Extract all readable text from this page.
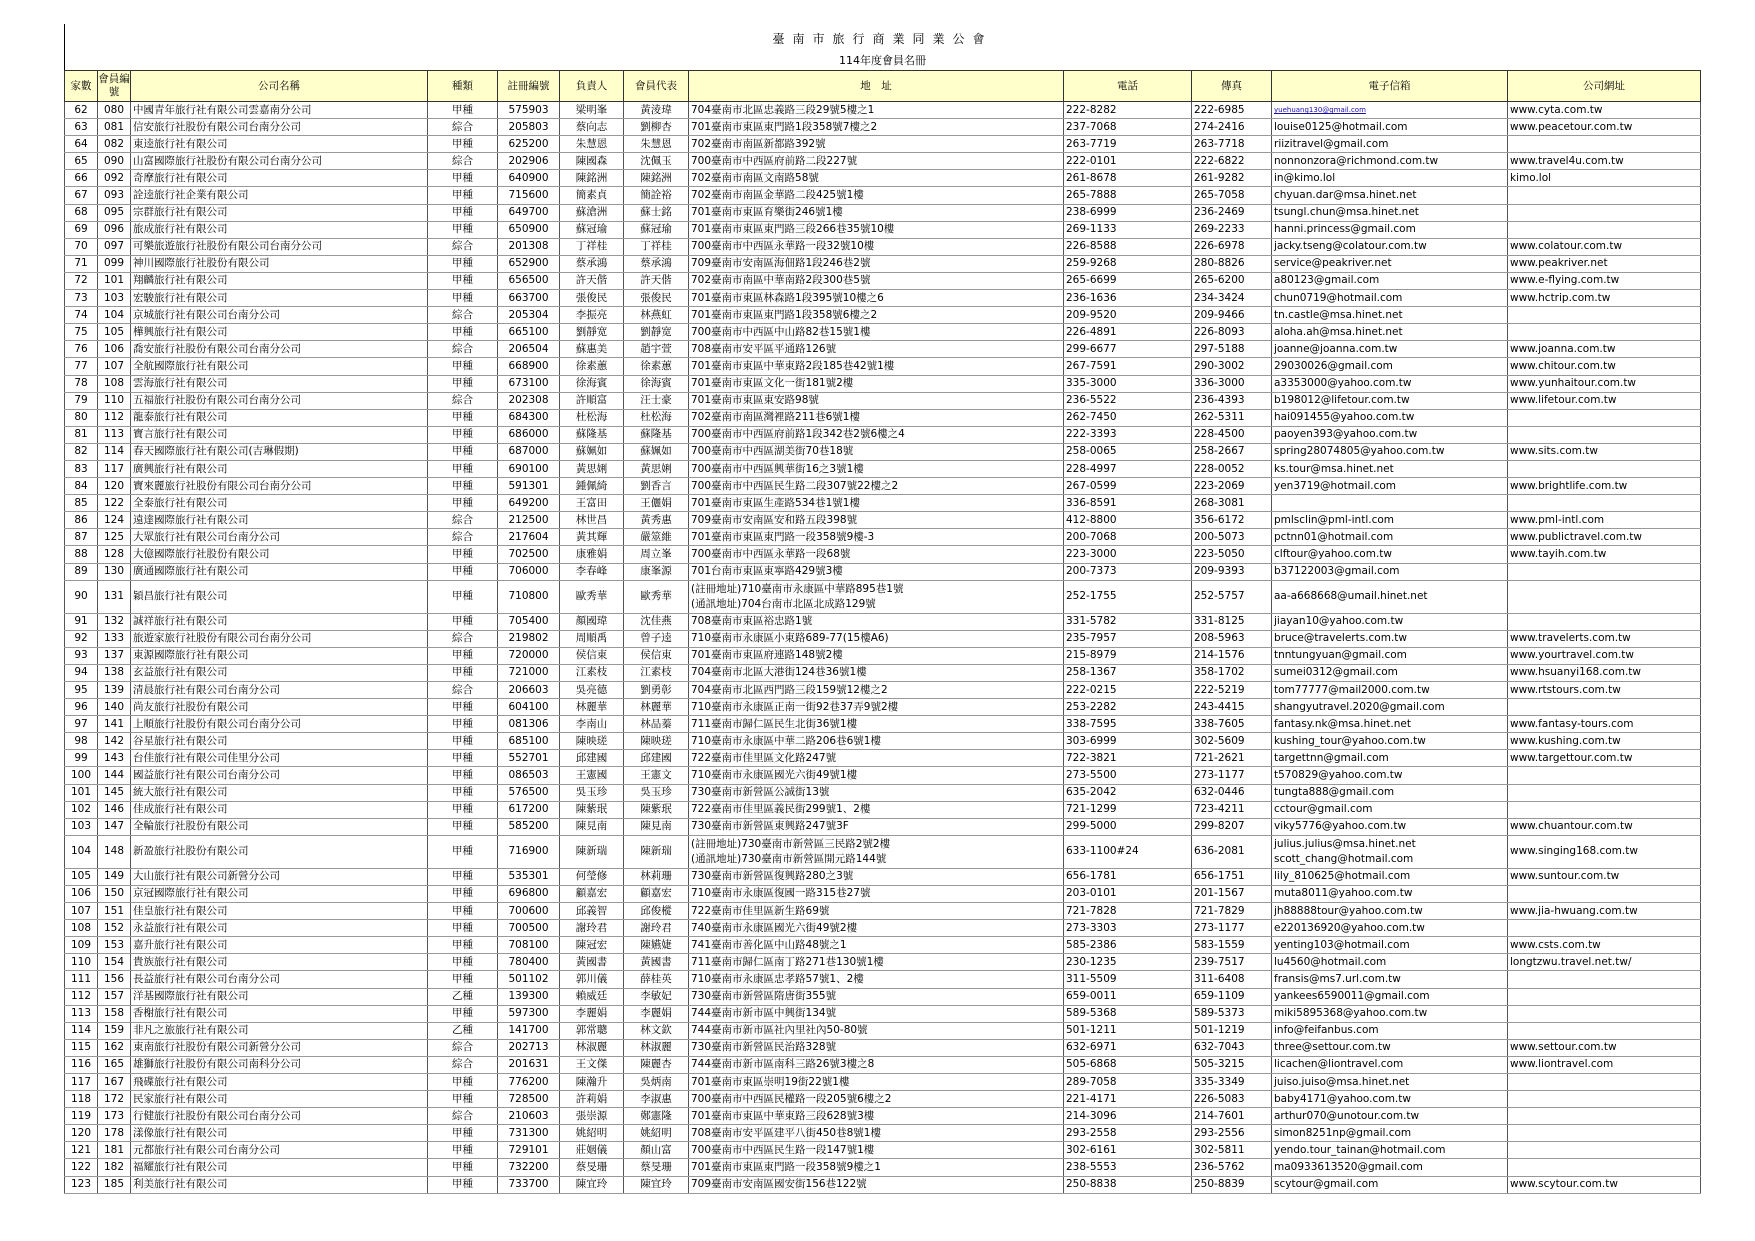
臺南市旅行商業同業公會
114年度會員名冊
家數	會員編號	公司名稱	種類	註冊編號	負責人	會員代表	地　址	電話	傳真	電子信箱	公司網址
62	080	中國青年旅行社有限公司雲嘉南分公司	甲種	575903	梁明峯	黃淩瑋	704臺南市北區忠義路三段29號5樓之1	222-8282	222-6985	yuehuang130@gmail.com	www.cyta.com.tw
63	081	信安旅行社股份有限公司台南分公司	綜合	205803	蔡向志	劉柳杏	701臺南市東區東門路1段358號7樓之2	237-7068	274-2416	louise0125@hotmail.com	www.peacetour.com.tw
64	082	東逵旅行社有限公司	甲種	625200	朱慧恩	朱慧恩	702臺南市南區新都路392號	263-7719	263-7718	riizitravel@gmail.com	
65	090	山富國際旅行社股份有限公司台南分公司	綜合	202906	陳國森	沈佩玉	700臺南市中西區府前路二段227號	222-0101	222-6822	nonnonzora@richmond.com.tw	www.travel4u.com.tw
66	092	奇摩旅行社有限公司	甲種	640900	陳銘洲	陳銘洲	702臺南市南區文南路58號	261-8678	261-9282	in@kimo.lol	kimo.lol
67	093	詮逵旅行社企業有限公司	甲種	715600	簡素貞	簡詮裕	702臺南市南區金華路二段425號1樓	265-7888	265-7058	chyuan.dar@msa.hinet.net	
68	095	宗群旅行社有限公司	甲種	649700	蘇滄洲	蘇士銘	701臺南市東區育樂街246號1樓	238-6999	236-2469	tsungl.chun@msa.hinet.net	
69	096	旅成旅行社有限公司	甲種	650900	蘇冠瑜	蘇冠瑜	701臺南市東區東門路三段266巷35號10樓	269-1133	269-2233	hanni.princess@gmail.com	
70	097	可樂旅遊旅行社股份有限公司台南分公司	綜合	201308	丁祥桂	丁祥桂	700臺南市中西區永華路一段32號10樓	226-8588	226-6978	jacky.tseng@colatour.com.tw	www.colatour.com.tw
71	099	神川國際旅行社股份有限公司	甲種	652900	蔡承鴻	蔡承鴻	709臺南市安南區海佃路1段246巷2號	259-9268	280-8826	service@peakriver.net	www.peakriver.net
72	101	翔麟旅行社有限公司	甲種	656500	許天偕	許天偕	702臺南市南區中華南路2段300巷5號	265-6699	265-6200	a80123@gmail.com	www.e-flying.com.tw
73	103	宏駿旅行社有限公司	甲種	663700	張俊民	張俊民	701臺南市東區林森路1段395號10樓之6	236-1636	234-3424	chun0719@hotmail.com	www.hctrip.com.tw
74	104	京城旅行社有限公司台南分公司	綜合	205304	李振亮	林燕虹	701臺南市東區東門路1段358號6樓之2	209-9520	209-9466	tn.castle@msa.hinet.net	
75	105	樺興旅行社有限公司	甲種	665100	劉靜宽	劉靜宽	700臺南市中西區中山路82巷15號1樓	226-4891	226-8093	aloha.ah@msa.hinet.net	
76	106	喬安旅行社股份有限公司台南分公司	綜合	206504	蘇惠美	趙宇萱	708臺南市安平區平通路126號	299-6677	297-5188	joanne@joanna.com.tw	www.joanna.com.tw
77	107	全航國際旅行社有限公司	甲種	668900	徐素蕙	徐素蕙	701臺南市東區中華東路2段185巷42號1樓	267-7591	290-3002	29030026@gmail.com	www.chitour.com.tw
78	108	雲海旅行社有限公司	甲種	673100	徐海賓	徐海賓	701臺南市東區文化一街181號2樓	335-3000	336-3000	a3353000@yahoo.com.tw	www.yunhaitour.com.tw
79	110	五福旅行社股份有限公司台南分公司	綜合	202308	許順富	汪士豪	701臺南市東區東安路98號	236-5522	236-4393	b198012@lifetour.com.tw	www.lifetour.com.tw
80	112	龍泰旅行社有限公司	甲種	684300	杜松海	杜松海	702臺南市南區灣裡路211巷6號1樓	262-7450	262-5311	hai091455@yahoo.com.tw	
81	113	寶言旅行社有限公司	甲種	686000	蘇隆基	蘇隆基	700臺南市中西區府前路1段342巷2號6樓之4	222-3393	228-4500	paoyen393@yahoo.com.tw	
82	114	春天國際旅行社有限公司(吉琳假期)	甲種	687000	蘇姵如	蘇姵如	700臺南市中西區湖美街70巷18號	258-0065	258-2667	spring28074805@yahoo.com.tw	www.sits.com.tw
83	117	廣興旅行社有限公司	甲種	690100	黃思娳	黃思娳	700臺南市中西區興華街16之3號1樓	228-4997	228-0052	ks.tour@msa.hinet.net	
84	120	寶來麗旅行社股份有限公司台南分公司	甲種	591301	鍾佩綺	劉香言	700臺南市中西區民生路二段307號22樓之2	267-0599	223-2069	yen3719@hotmail.com	www.brightlife.com.tw
85	122	全泰旅行社有限公司	甲種	649200	王富田	王儷娟	701臺南市東區生產路534巷1號1樓	336-8591	268-3081		
86	124	遠達國際旅行社有限公司	綜合	212500	林世昌	黃秀惠	709臺南市安南區安和路五段398號	412-8800	356-6172	pmlsclin@pml-intl.com	www.pml-intl.com
87	125	大眾旅行社有限公司台南分公司	綜合	217604	黃其輝	嚴筮維	701臺南市東區東門路一段358號9樓-3	200-7068	200-5073	pctnn01@hotmail.com	www.publictravel.com.tw
88	128	大億國際旅行社股份有限公司	甲種	702500	康雅娟	周立峯	700臺南市中西區永華路一段68號	223-3000	223-5050	clftour@yahoo.com.tw	www.tayih.com.tw
89	130	廣通國際旅行社有限公司	甲種	706000	李春峰	康峯源	701台南市東區東寧路429號3樓	200-7373	209-9393	b37122003@gmail.com	
90	131	穎昌旅行社有限公司	甲種	710800	歐秀華	歐秀華	(註冊地址)710臺南市永康區中華路895巷1號
(通訊地址)704台南市北區北成路129號	252-1755	252-5757	aa-a668668@umail.hinet.net	
91	132	誠祥旅行社有限公司	甲種	705400	顏國瑋	沈佳燕	708臺南市東區裕忠路1號	331-5782	331-8125	jiayan10@yahoo.com.tw	
92	133	旅遊家旅行社股份有限公司台南分公司	綜合	219802	周順禹	曾子逵	710臺南市永康區小東路689-77(15樓A6)	235-7957	208-5963	bruce@travelerts.com.tw	www.travelerts.com.tw
93	137	東源國際旅行社有限公司	甲種	720000	侯信東	侯信東	701臺南市東區府連路148號2樓	215-8979	214-1576	tnntungyuan@gmail.com	www.yourtravel.com.tw
94	138	玄益旅行社有限公司	甲種	721000	江素枝	江素枝	704臺南市北區大港街124巷36號1樓	258-1367	358-1702	sumei0312@gmail.com	www.hsuanyi168.com.tw
95	139	清晨旅行社有限公司台南分公司	綜合	206603	吳亮德	劉勇彰	704臺南市北區西門路三段159號12樓之2	222-0215	222-5219	tom77777@mail2000.com.tw	www.rtstours.com.tw
96	140	尚友旅行社股份有限公司	甲種	604100	林麗華	林麗華	710臺南市永康區正南一街92巷37弄9號2樓	253-2282	243-4415	shangyutravel.2020@gmail.com	
97	141	上順旅行社股份有限公司台南分公司	甲種	081306	李南山	林品蓁	711臺南市歸仁區民生北街36號1樓	338-7595	338-7605	fantasy.nk@msa.hinet.net	www.fantasy-tours.com
98	142	谷星旅行社有限公司	甲種	685100	陳映瑳	陳映瑳	710臺南市永康區中華二路206巷6號1樓	303-6999	302-5609	kushing_tour@yahoo.com.tw	www.kushing.com.tw
99	143	台佳旅行社有限公司佳里分公司	甲種	552701	邱建國	邱建國	722臺南市佳里區文化路247號	722-3821	721-2621	targettnn@gmail.com	www.targettour.com.tw
100	144	國益旅行社有限公司台南分公司	甲種	086503	王憲國	王憲文	710臺南市永康區國光六街49號1樓	273-5500	273-1177	t570829@yahoo.com.tw	
101	145	統大旅行社有限公司	甲種	576500	吳玉珍	吳玉珍	730臺南市新營區公誠街13號	635-2042	632-0446	tungta888@gmail.com	
102	146	佳成旅行社有限公司	甲種	617200	陳紫珉	陳紫珉	722臺南市佳里區義民街299號1、2樓	721-1299	723-4211	cctour@gmail.com	
103	147	全輪旅行社股份有限公司	甲種	585200	陳見南	陳見南	730臺南市新營區東興路247號3F	299-5000	299-8207	viky5776@yahoo.com.tw	www.chuantour.com.tw
104	148	新盈旅行社股份有限公司	甲種	716900	陳新瑞	陳新瑞	(註冊地址)730臺南市新營區三民路2號2樓
(通訊地址)730臺南市新營區開元路144號	633-1100#24	636-2081	julius.julius@msa.hinet.net
scott_chang@hotmail.com	www.singing168.com.tw
105	149	大山旅行社有限公司新營分公司	甲種	535301	何瑩修	林莉珊	730臺南市新營區復興路280之3號	656-1781	656-1751	lily_810625@hotmail.com	www.suntour.com.tw
106	150	京冠國際旅行社有限公司	甲種	696800	顧嘉宏	顧嘉宏	710臺南市永康區復國一路315巷27號	203-0101	201-1567	muta8011@yahoo.com.tw	
107	151	佳皇旅行社有限公司	甲種	700600	邱義智	邱俊樅	722臺南市佳里區新生路69號	721-7828	721-7829	jh88888tour@yahoo.com.tw	www.jia-hwuang.com.tw
108	152	永益旅行社有限公司	甲種	700500	謝玲君	謝玲君	740臺南市永康區國光六街49號2樓	273-3303	273-1177	e220136920@yahoo.com.tw	
109	153	嘉升旅行社有限公司	甲種	708100	陳冠宏	陳嬿婕	741臺南市善化區中山路48號之1	585-2386	583-1559	yenting103@hotmail.com	www.csts.com.tw
110	154	貴族旅行社有限公司	甲種	780400	黃國書	黃國書	711臺南市歸仁區南丁路271巷130號1樓	230-1235	239-7517	lu4560@hotmail.com	longtzwu.travel.net.tw/
111	156	長益旅行社有限公司台南分公司	甲種	501102	郭川儀	薛桂英	710臺南市永康區忠孝路57號1、2樓	311-5509	311-6408	fransis@ms7.url.com.tw	
112	157	洋基國際旅行社有限公司	乙種	139300	賴威廷	李敏妃	730臺南市新營區隋唐街355號	659-0011	659-1109	yankees6590011@gmail.com	
113	158	香榭旅行社有限公司	甲種	597300	李麗娟	李麗娟	744臺南市新市區中興街134號	589-5368	589-5373	miki5895368@yahoo.com.tw	
114	159	非凡之旅旅行社有限公司	乙種	141700	郭常聰	林文欽	744臺南市新市區社內里社內50-80號	501-1211	501-1219	info@feifanbus.com	
115	162	東南旅行社股份有限公司新營分公司	綜合	202713	林淑麗	林淑麗	730臺南市新營區民治路328號	632-6971	632-7043	three@settour.com.tw	www.settour.com.tw
116	165	雄獅旅行社股份有限公司南科分公司	綜合	201631	王文傑	陳麗杏	744臺南市新市區南科三路26號3樓之8	505-6868	505-3215	licachen@liontravel.com	www.liontravel.com
117	167	飛碟旅行社有限公司	甲種	776200	陳瀚升	吳炳南	701臺南市東區崇明19街22號1樓	289-7058	335-3349	juiso.juiso@msa.hinet.net	
118	172	民家旅行社有限公司	甲種	728500	許莉娟	李淑惠	700臺南市中西區民權路一段205號6樓之2	221-4171	226-5083	baby4171@yahoo.com.tw	
119	173	行健旅行社股份有限公司台南分公司	綜合	210603	張崇源	鄭憲隆	701臺南市東區中華東路三段628號3樓	214-3096	214-7601	arthur070@unotour.com.tw	
120	178	漾像旅行社有限公司	甲種	731300	姚紹明	姚紹明	708臺南市安平區建平八街450巷8號1樓	293-2558	293-2556	simon8251np@gmail.com	
121	181	元都旅行社有限公司台南分公司	甲種	729101	莊姻儀	顏山富	700臺南市中西區民生路一段147號1樓	302-6161	302-5811	yendo.tour_tainan@hotmail.com	
122	182	福耀旅行社有限公司	甲種	732200	蔡旻珊	蔡旻珊	701臺南市東區東門路一段358號9樓之1	238-5553	236-5762	ma0933613520@gmail.com	
123	185	利美旅行社有限公司	甲種	733700	陳宜玲	陳宜玲	709臺南市安南區國安街156巷122號	250-8838	250-8839	scytour@gmail.com	www.scytour.com.tw
